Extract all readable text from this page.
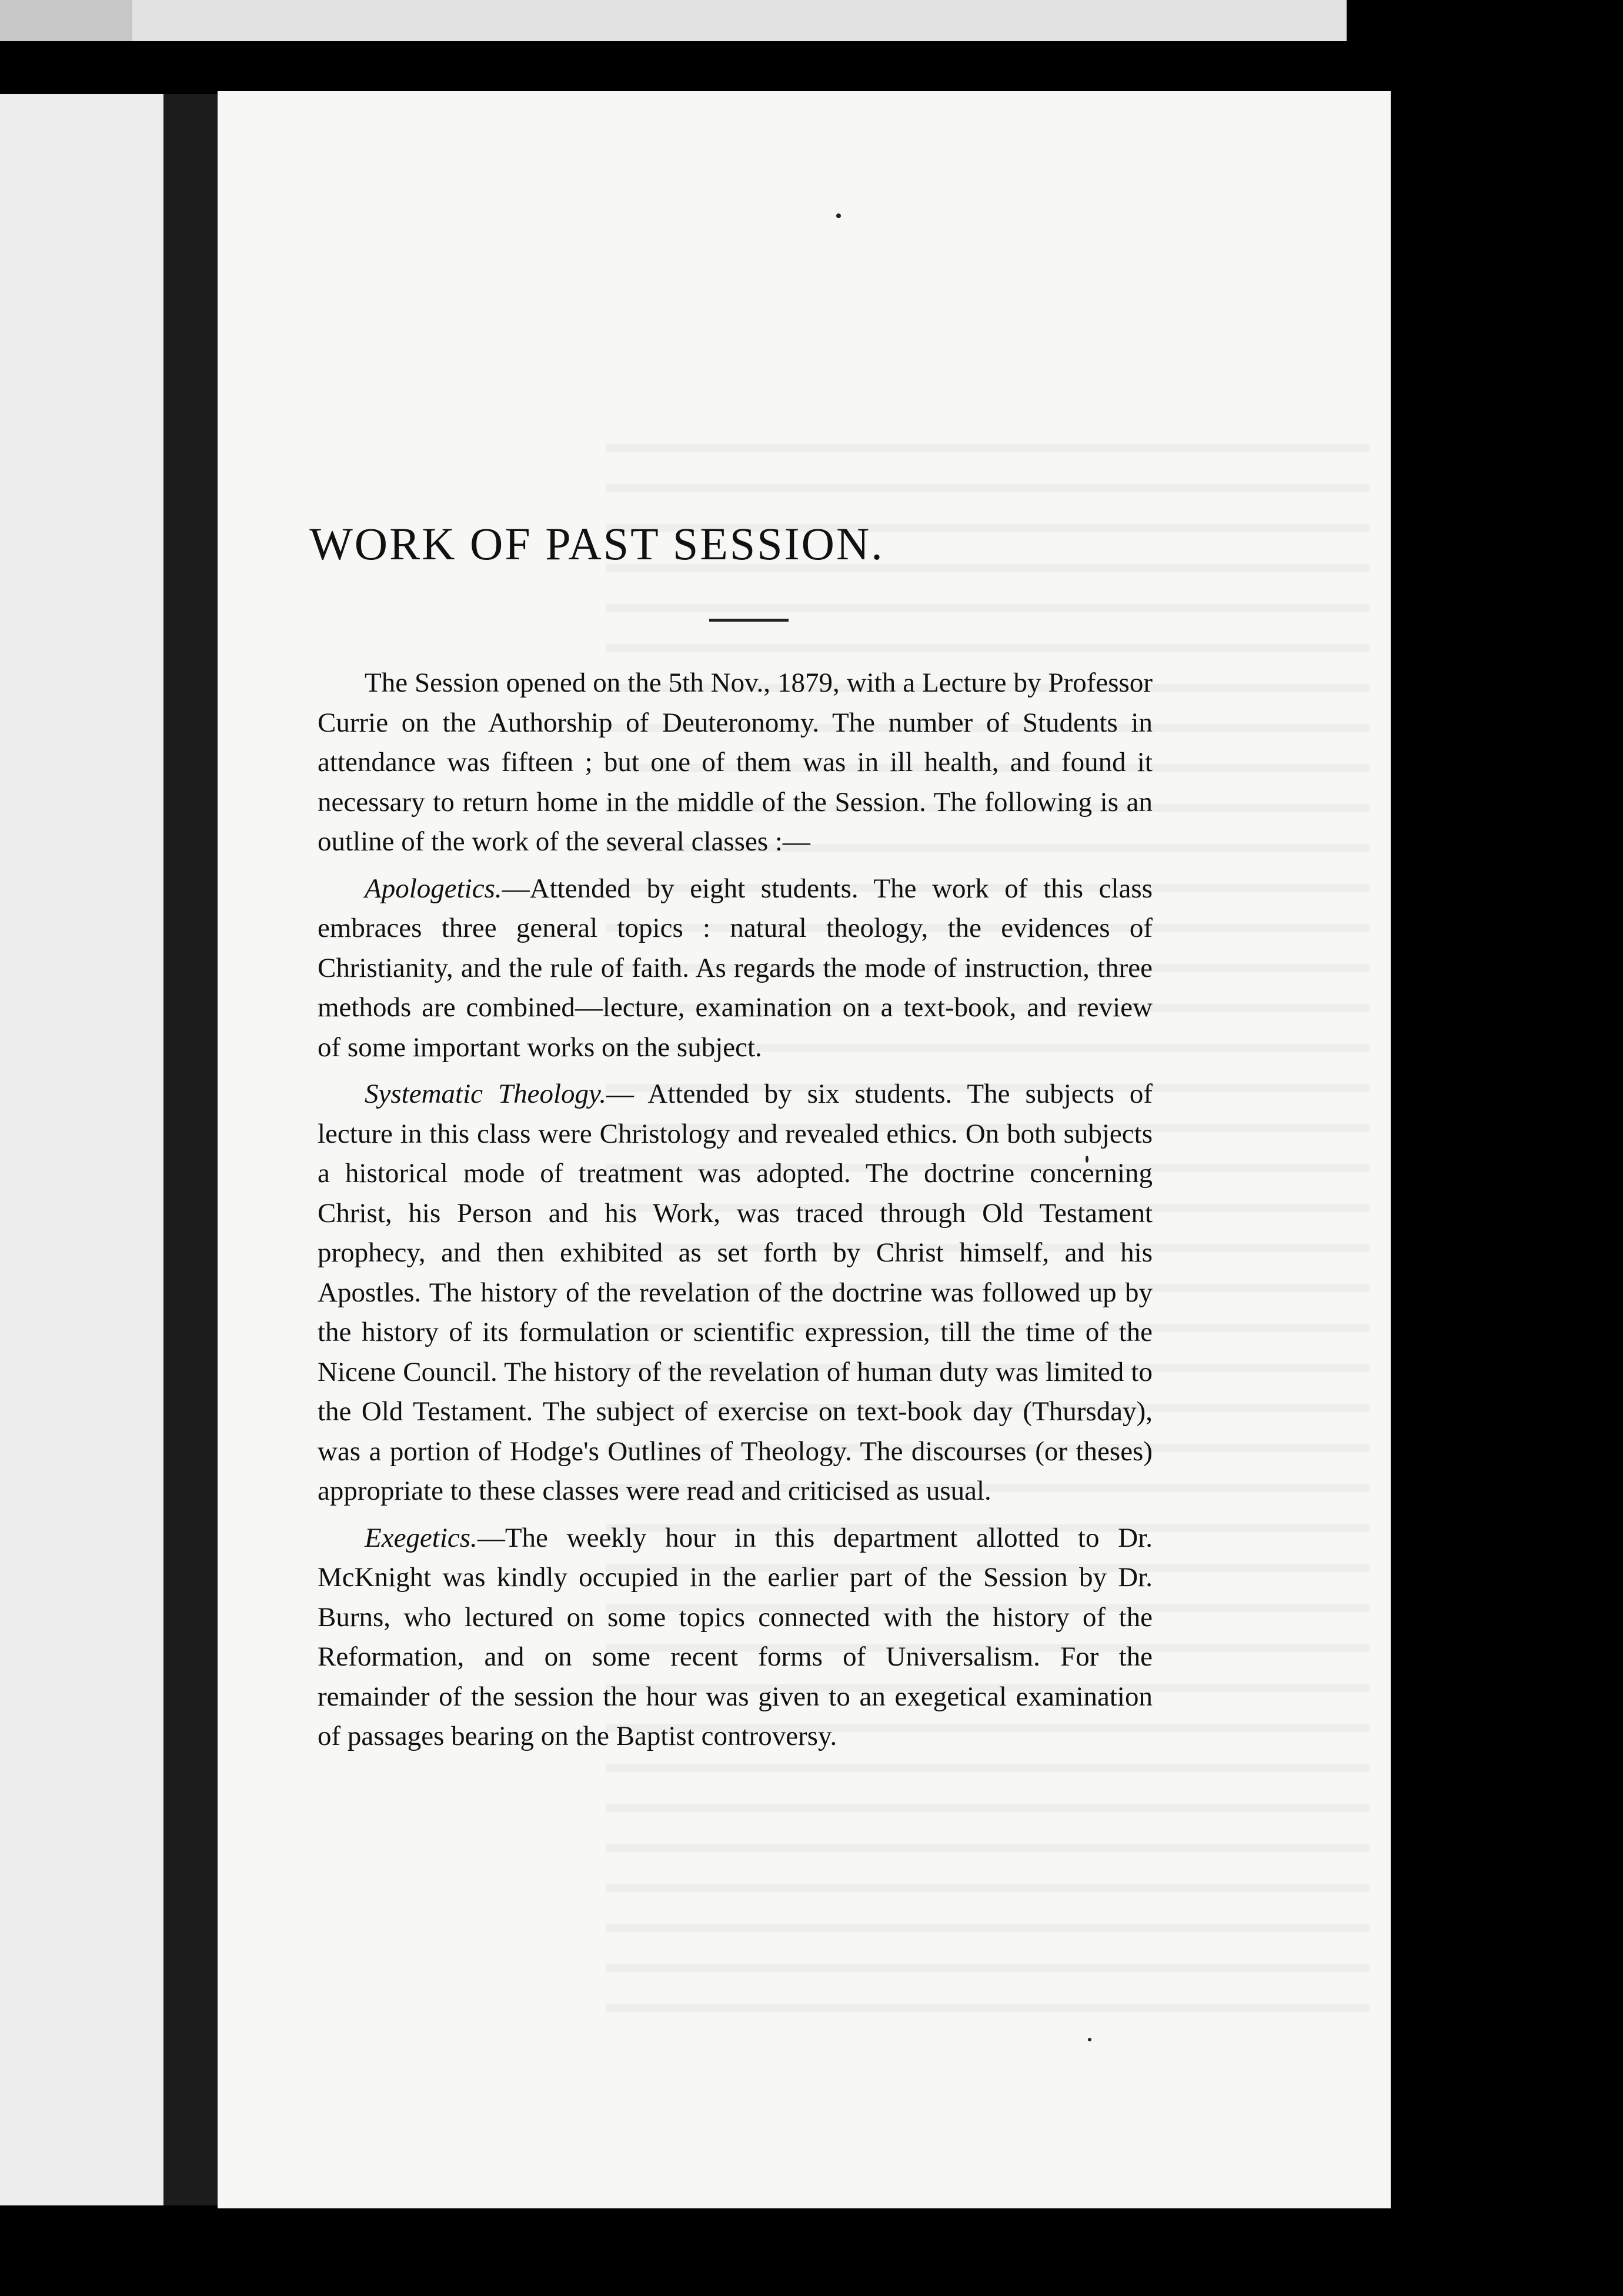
WORK OF PAST SESSION.

The Session opened on the 5th Nov., 1879, with a Lecture by Professor Currie on the Authorship of Deuteronomy. The number of Students in attendance was fifteen ; but one of them was in ill health, and found it necessary to return home in the middle of the Session. The following is an outline of the work of the several classes :—

Apologetics.—Attended by eight students. The work of this class embraces three general topics : natural theology, the evidences of Christianity, and the rule of faith. As regards the mode of instruction, three methods are combined—lecture, examination on a text-book, and review of some important works on the subject.

Systematic Theology.— Attended by six students. The subjects of lecture in this class were Christology and revealed ethics. On both subjects a historical mode of treatment was adopted. The doctrine concerning Christ, his Person and his Work, was traced through Old Testament prophecy, and then exhibited as set forth by Christ himself, and his Apostles. The history of the revelation of the doctrine was followed up by the history of its formulation or scientific expression, till the time of the Nicene Council. The history of the revelation of human duty was limited to the Old Testament. The subject of exercise on text-book day (Thursday), was a portion of Hodge's Outlines of Theology. The discourses (or theses) appropriate to these classes were read and criticised as usual.

Exegetics.—The weekly hour in this department allotted to Dr. McKnight was kindly occupied in the earlier part of the Session by Dr. Burns, who lectured on some topics connected with the history of the Reformation, and on some recent forms of Universalism. For the remainder of the session the hour was given to an exegetical examination of passages bearing on the Baptist controversy.
